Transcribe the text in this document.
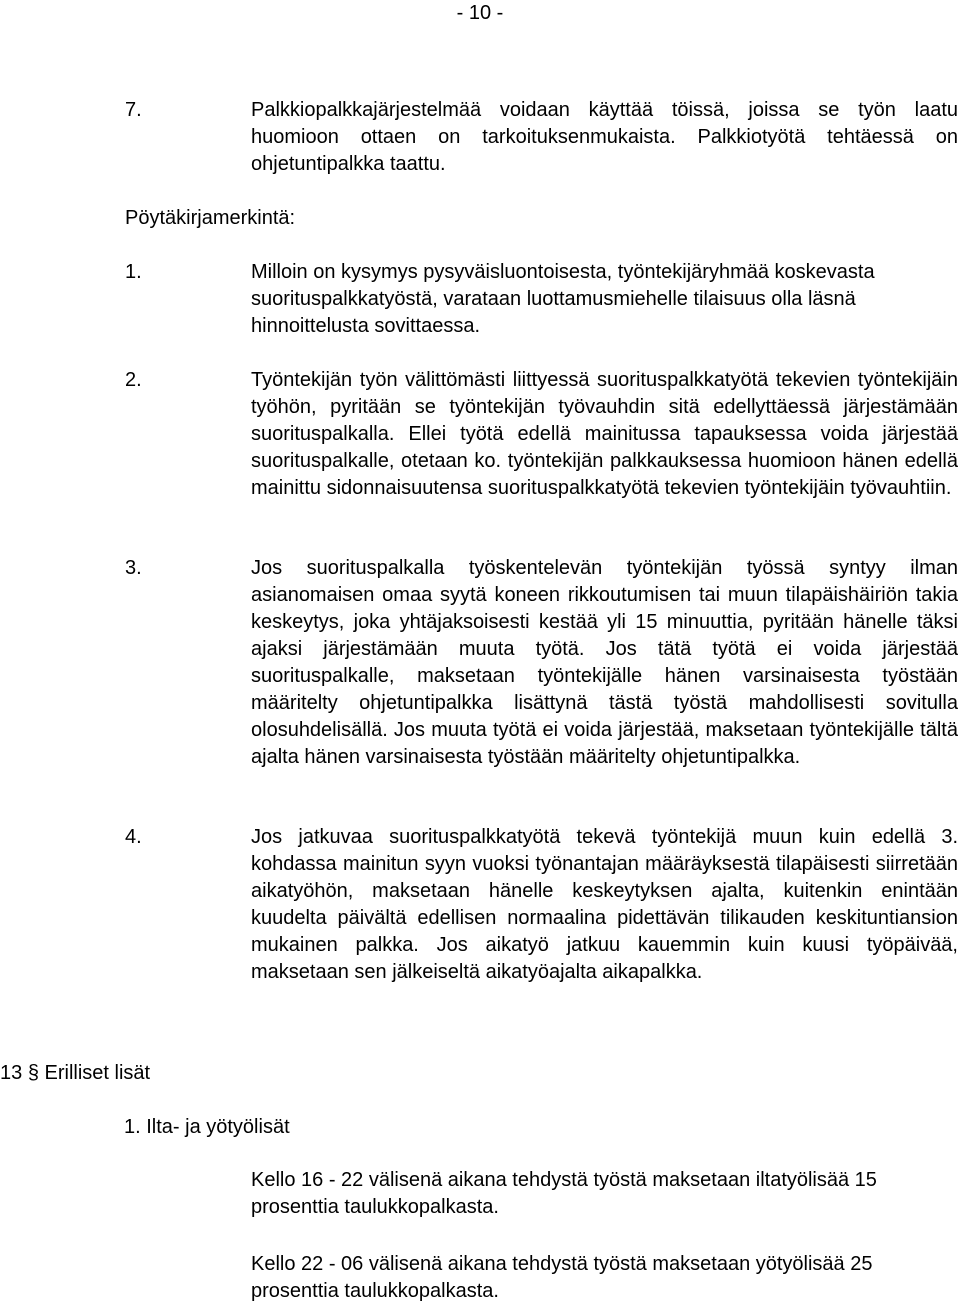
- 10 -
7.	Palkkiopalkkajärjestelmää voidaan käyttää töissä, joissa se työn laatu huomioon ottaen on tarkoituksenmukaista. Palkkiotyötä tehtäessä on ohjetuntipalkka taattu.
Pöytäkirjamerkintä:
1.	Milloin on kysymys pysyväisluontoisesta, työntekijäryhmää koskevasta suorituspalkkatyöstä, varataan luottamusmiehelle tilaisuus olla läsnä hinnoittelusta sovittaessa.
2.	Työntekijän työn välittömästi liittyessä suorituspalkkatyötä tekevien työntekijäin työhön, pyritään se työntekijän työvauhdin sitä edellyttäessä järjestämään suorituspalkalla. Ellei työtä edellä mainitussa tapauksessa voida järjestää suorituspalkalle, otetaan ko. työntekijän palkkauksessa huomioon hänen edellä mainittu sidonnaisuutensa suorituspalkkatyötä tekevien työntekijäin työvauhtiin.
3.	Jos suorituspalkalla työskentelevän työntekijän työssä syntyy ilman asianomaisen omaa syytä koneen rikkoutumisen tai muun tilapäishäiriön takia keskeytys, joka yhtäjaksoisesti kestää yli 15 minuuttia, pyritään hänelle täksi ajaksi järjestämään muuta työtä. Jos tätä työtä ei voida järjestää suorituspalkalle, maksetaan työntekijälle hänen varsinaisesta työstään määritelty ohjetuntipalkka lisättynä tästä työstä mahdollisesti sovitulla olosuhdelisällä. Jos muuta työtä ei voida järjestää, maksetaan työntekijälle tältä ajalta hänen varsinaisesta työstään määritelty ohjetuntipalkka.
4.	Jos jatkuvaa suorituspalkkatyötä tekevä työntekijä muun kuin edellä 3. kohdassa mainitun syyn vuoksi työnantajan määräyksestä tilapäisesti siirretään aikatyöhön, maksetaan hänelle keskeytyksen ajalta, kuitenkin enintään kuudelta päivältä edellisen normaalina pidettävän tilikauden keskituntiansion mukainen palkka. Jos aikatyö jatkuu kauemmin kuin kuusi työpäivää, maksetaan sen jälkeiseltä aikatyöajalta aikapalkka.
13 § Erilliset lisät
1. Ilta- ja yötyölisät
Kello 16 - 22 välisenä aikana tehdystä työstä maksetaan iltatyölisää 15 prosenttia taulukkopalkasta.
Kello 22 - 06 välisenä aikana tehdystä työstä maksetaan yötyölisää 25 prosenttia taulukkopalkasta.
